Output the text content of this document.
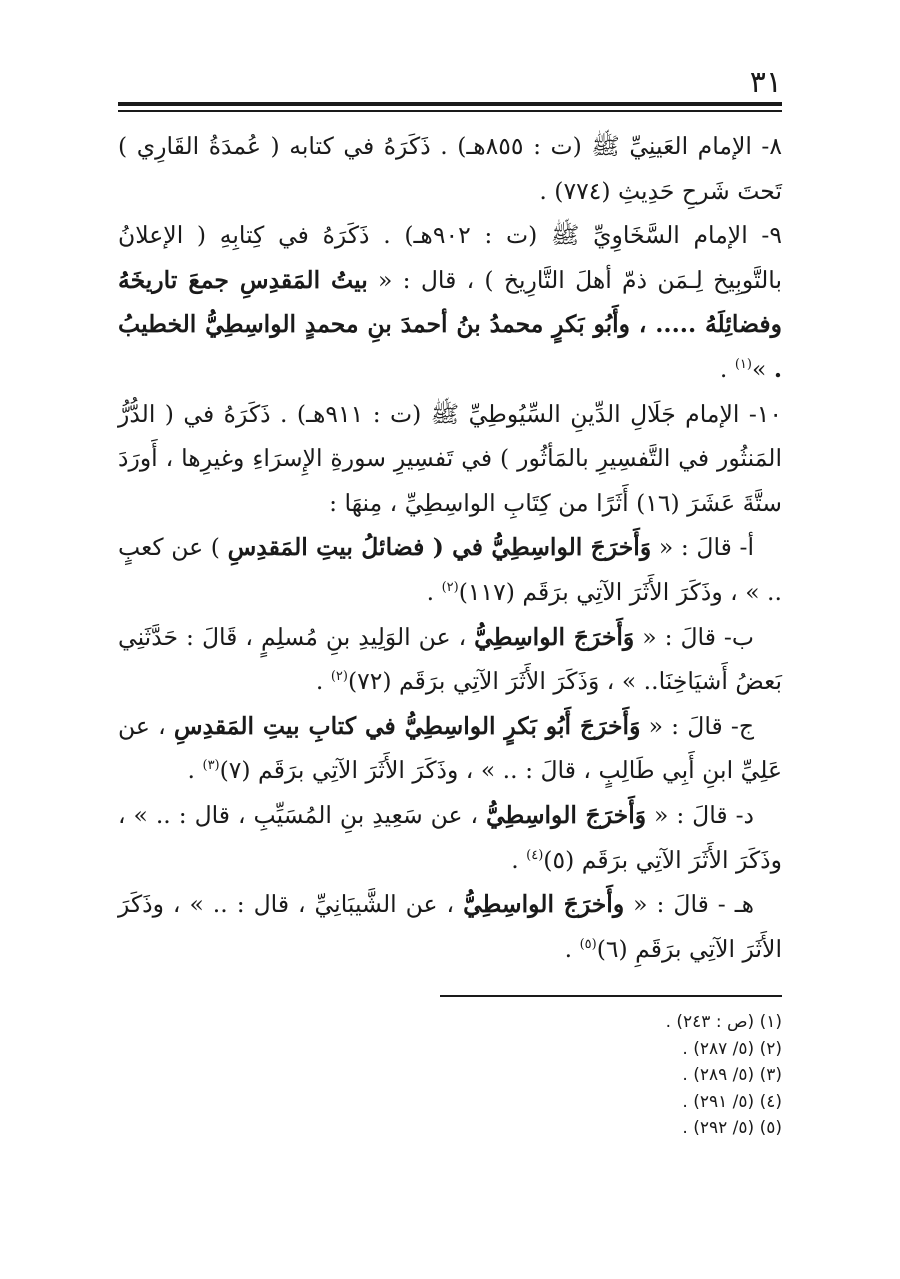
٣١

٨- الإمام العَينِيِّ ﷺ (ت : ٨٥٥هـ) . ذَكَرَهُ في كتابه ( عُمدَةُ القَارِي ) تَحتَ شَرحِ حَدِيثِ (٧٧٤) .

٩- الإمام السَّخَاوِيِّ ﷺ (ت : ٩٠٢هـ) . ذَكَرَهُ في كِتابِهِ ( الإعلانُ بالتَّوبِيخ لِـمَن ذمّ أهلَ التَّارِيخ ) ، قال : « بيتُ المَقدِسِ جمعَ تاريخَهُ وفضائِلَهُ ..... ، وأَبُو بَكرٍ محمدُ بنُ أحمدَ بنِ محمدٍ الواسِطِيُّ الخطيبُ . »$^{(١)}$ .

١٠- الإمام جَلَالِ الدِّينِ السِّيُوطِيِّ ﷺ (ت : ٩١١هـ) . ذَكَرَهُ في ( الدُّرُّ المَنثُور في التَّفسِيرِ بالمَأثُور ) في تَفسِيرِ سورةِ الإِسرَاءِ وغيرِها ، أَورَدَ ستَّةَ عَشَرَ (١٦) أَثَرًا من كِتَابِ الواسِطِيِّ ، مِنهَا :

أ- قالَ : « وَأَخرَجَ الواسِطِيُّ في ( فضائلُ بيتِ المَقدِسِ ) عن كعبٍ .. » ، وذَكَرَ الأَثَرَ الآتِي برَقَم (١١٧)$^{(٢)}$ .

ب- قالَ : « وَأَخرَجَ الواسِطِيُّ ، عن الوَلِيدِ بنِ مُسلِمٍ ، قَالَ : حَدَّثَنِي بَعضُ أَشيَاخِنَا.. » ، وَذَكَرَ الأَثَرَ الآتِي برَقَم (٧٢)$^{(٢)}$ .

ج- قالَ : « وَأَخرَجَ أَبُو بَكرٍ الواسِطِيُّ في كتابِ بيتِ المَقدِسِ ، عن عَلِيِّ ابنِ أَبِي طَالِبٍ ، قالَ : .. » ، وذَكَرَ الأَثَرَ الآتِي برَقَم (٧)$^{(٣)}$ .

د- قالَ : « وَأَخرَجَ الواسِطِيُّ ، عن سَعِيدِ بنِ المُسَيِّبِ ، قال : .. » ، وذَكَرَ الأَثَرَ الآتِي برَقَم (٥)$^{(٤)}$ .

هـ - قالَ : « وأَخرَجَ الواسِطِيُّ ، عن الشَّيبَانِيِّ ، قال : .. » ، وذَكَرَ الأَثَرَ الآتِي برَقَمِ (٦)$^{(٥)}$ .

(١) (ص : ٢٤٣) .
(٢) (٥/ ٢٨٧) .
(٣) (٥/ ٢٨٩) .
(٤) (٥/ ٢٩١) .
(٥) (٥/ ٢٩٢) .
